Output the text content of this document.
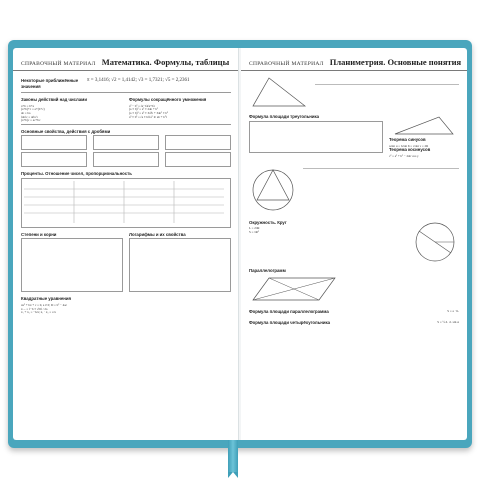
СПРАВОЧНЫЙ МАТЕРИАЛ Математика. Формулы, таблицы
Некоторые приближённые значения
π = 3,1416; √2 = 1,4142; √3 = 1,7321; √5 = 2,2361
Законы действий над числами
a+b = b+a
(a+b)+c = a+(b+c)
ab = ba
(ab)c = a(bc)
(a+b)c = ac+bc
Формулы сокращённого умножения
a² − b² = (a−b)(a+b)
(a ± b)² = a² ± 2ab + b²
(a ± b)³ = a³ ± 3a²b + 3ab² ± b³
a³ ± b³ = (a ± b)(a² ∓ ab + b²)
Основные свойства, действия с дробями
Проценты. Отношение чисел, пропорциональность
Степени и корни	Логарифмы и их свойства
Квадратные уравнения
ax² + bx + c = 0, a ≠ 0; D = b² − 4ac
x₁,₂ = (−b ± √D) / 2a
x₁ + x₂ = −b/a; x₁ · x₂ = c/a
СПРАВОЧНЫЙ МАТЕРИАЛ Планиметрия. Основные понятия
Формула площади треугольника
Теорема синусов
a/sin α = b/sin β = c/sin γ = 2R
Теорема косинусов
c² = a² + b² − 2ab·cos γ
Окружность. Круг
L = 2πR
S = πR²
Параллелограмм
Формула площади параллелограмма	S = a · hₐ
Формула площади четырёхугольника	S = ½ d₁ d₂ sin φ
